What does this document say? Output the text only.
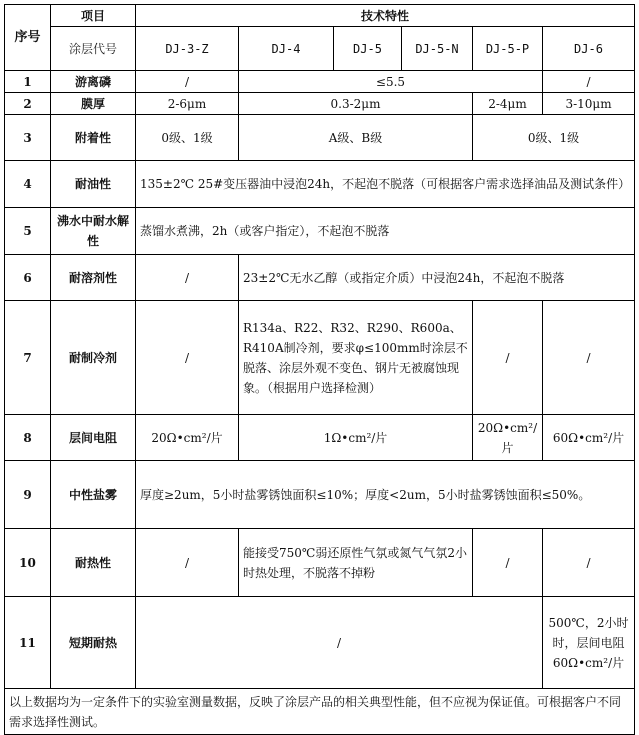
序号	项目	技术特性					
	涂层代号	DJ-3-Z	DJ-4	DJ-5	DJ-5-N	DJ-5-P	DJ-6
1	游离磷	/	≤5.5				/
2	膜厚	2-6μm	0.3-2μm			2-4μm	3-10μm
3	附着性	0级、1级	A级、B级			0级、1级	
4	耐油性	135±2℃ 25#变压器油中浸泡24h，不起泡不脱落（可根据客户需求选择油品及测试条件）					
5	沸水中耐水解性	蒸馏水煮沸，2h（或客户指定），不起泡不脱落					
6	耐溶剂性	/	23±2℃无水乙醇（或指定介质）中浸泡24h，不起泡不脱落				
7	耐制冷剂	/	R134a、R22、R32、R290、R600a、R410A制冷剂，要求φ≤100mm时涂层不脱落、涂层外观不变色、钢片无被腐蚀现象。（根据用户选择检测）			/	/
8	层间电阻	20Ω•cm²/片	1Ω•cm²/片			20Ω•cm²/片	60Ω•cm²/片
9	中性盐雾	厚度≥2um，5小时盐雾锈蚀面积≤10%；厚度<2um，5小时盐雾锈蚀面积≤50%。					
10	耐热性	/	能接受750℃弱还原性气氛或氮气气氛2小时热处理，不脱落不掉粉			/	/
11	短期耐热	/					500℃，2小时时，层间电阻60Ω•cm²/片
以上数据均为一定条件下的实验室测量数据，反映了涂层产品的相关典型性能，但不应视为保证值。可根据客户不同需求选择性测试。							
